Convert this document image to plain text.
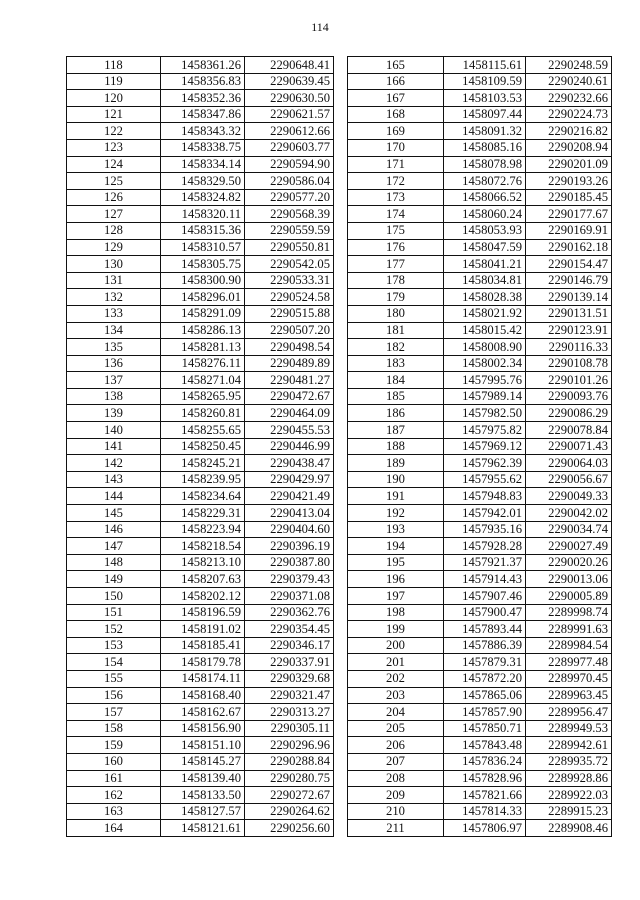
114
118	1458361.26	2290648.41
119	1458356.83	2290639.45
120	1458352.36	2290630.50
121	1458347.86	2290621.57
122	1458343.32	2290612.66
123	1458338.75	2290603.77
124	1458334.14	2290594.90
125	1458329.50	2290586.04
126	1458324.82	2290577.20
127	1458320.11	2290568.39
128	1458315.36	2290559.59
129	1458310.57	2290550.81
130	1458305.75	2290542.05
131	1458300.90	2290533.31
132	1458296.01	2290524.58
133	1458291.09	2290515.88
134	1458286.13	2290507.20
135	1458281.13	2290498.54
136	1458276.11	2290489.89
137	1458271.04	2290481.27
138	1458265.95	2290472.67
139	1458260.81	2290464.09
140	1458255.65	2290455.53
141	1458250.45	2290446.99
142	1458245.21	2290438.47
143	1458239.95	2290429.97
144	1458234.64	2290421.49
145	1458229.31	2290413.04
146	1458223.94	2290404.60
147	1458218.54	2290396.19
148	1458213.10	2290387.80
149	1458207.63	2290379.43
150	1458202.12	2290371.08
151	1458196.59	2290362.76
152	1458191.02	2290354.45
153	1458185.41	2290346.17
154	1458179.78	2290337.91
155	1458174.11	2290329.68
156	1458168.40	2290321.47
157	1458162.67	2290313.27
158	1458156.90	2290305.11
159	1458151.10	2290296.96
160	1458145.27	2290288.84
161	1458139.40	2290280.75
162	1458133.50	2290272.67
163	1458127.57	2290264.62
164	1458121.61	2290256.60
165	1458115.61	2290248.59
166	1458109.59	2290240.61
167	1458103.53	2290232.66
168	1458097.44	2290224.73
169	1458091.32	2290216.82
170	1458085.16	2290208.94
171	1458078.98	2290201.09
172	1458072.76	2290193.26
173	1458066.52	2290185.45
174	1458060.24	2290177.67
175	1458053.93	2290169.91
176	1458047.59	2290162.18
177	1458041.21	2290154.47
178	1458034.81	2290146.79
179	1458028.38	2290139.14
180	1458021.92	2290131.51
181	1458015.42	2290123.91
182	1458008.90	2290116.33
183	1458002.34	2290108.78
184	1457995.76	2290101.26
185	1457989.14	2290093.76
186	1457982.50	2290086.29
187	1457975.82	2290078.84
188	1457969.12	2290071.43
189	1457962.39	2290064.03
190	1457955.62	2290056.67
191	1457948.83	2290049.33
192	1457942.01	2290042.02
193	1457935.16	2290034.74
194	1457928.28	2290027.49
195	1457921.37	2290020.26
196	1457914.43	2290013.06
197	1457907.46	2290005.89
198	1457900.47	2289998.74
199	1457893.44	2289991.63
200	1457886.39	2289984.54
201	1457879.31	2289977.48
202	1457872.20	2289970.45
203	1457865.06	2289963.45
204	1457857.90	2289956.47
205	1457850.71	2289949.53
206	1457843.48	2289942.61
207	1457836.24	2289935.72
208	1457828.96	2289928.86
209	1457821.66	2289922.03
210	1457814.33	2289915.23
211	1457806.97	2289908.46
